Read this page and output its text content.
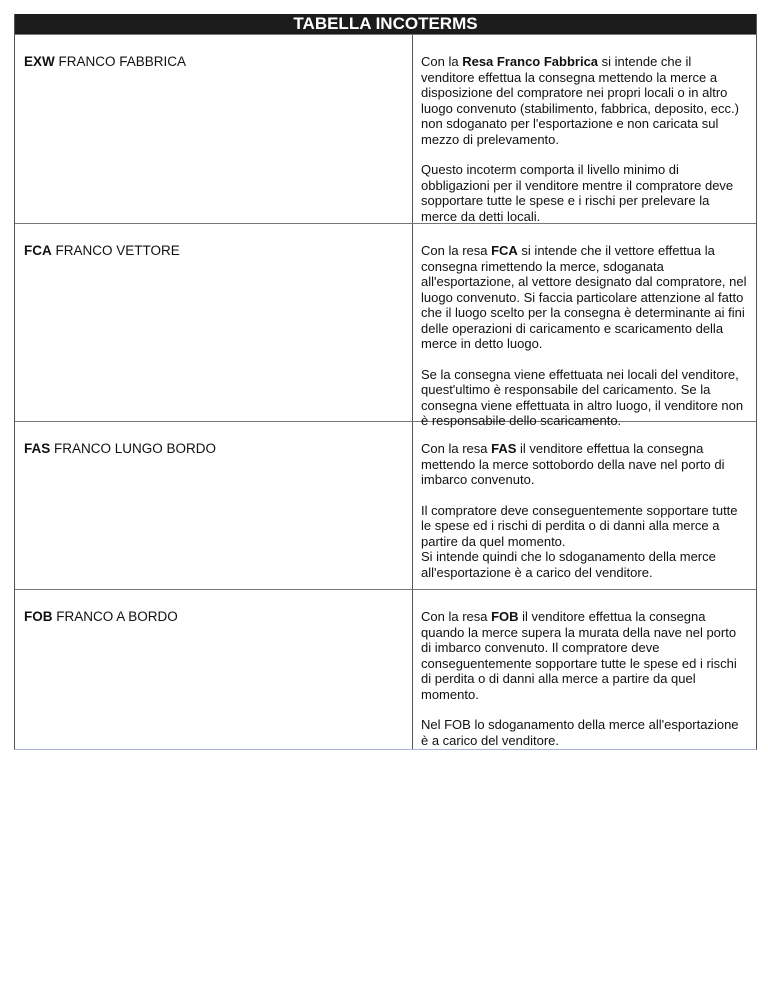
TABELLA INCOTERMS
EXW FRANCO FABBRICA	Con la Resa Franco Fabbrica si intende che il venditore effettua la consegna mettendo la merce a disposizione del compratore nei propri locali o in altro luogo convenuto (stabilimento, fabbrica, deposito, ecc.) non sdoganato per l'esportazione e non caricata sul mezzo di prelevamento.

Questo incoterm comporta il livello minimo di obbligazioni per il venditore mentre il compratore deve sopportare tutte le spese e i rischi per prelevare la merce da detti locali.

FCA FRANCO VETTORE	Con la resa FCA si intende che il vettore effettua la consegna rimettendo la merce, sdoganata all'esportazione, al vettore designato dal compratore, nel luogo convenuto. Si faccia particolare attenzione al fatto che il luogo scelto per la consegna è determinante ai fini delle operazioni di caricamento e scaricamento della merce in detto luogo.

Se la consegna viene effettuata nei locali del venditore, quest'ultimo è responsabile del caricamento. Se la consegna viene effettuata in altro luogo, il venditore non è responsabile dello scaricamento.

FAS FRANCO LUNGO BORDO	Con la resa FAS il venditore effettua la consegna mettendo la merce sottobordo della nave nel porto di imbarco convenuto.

Il compratore deve conseguentemente sopportare tutte le spese ed i rischi di perdita o di danni alla merce a partire da quel momento.

Si intende quindi che lo sdoganamento della merce all'esportazione è a carico del venditore.

FOB FRANCO A BORDO	Con la resa FOB il venditore effettua la consegna quando la merce supera la murata della nave nel porto di imbarco convenuto. Il compratore deve conseguentemente sopportare tutte le spese ed i rischi di perdita o di danni alla merce a partire da quel momento.

Nel FOB lo sdoganamento della merce all'esportazione è a carico del venditore.
